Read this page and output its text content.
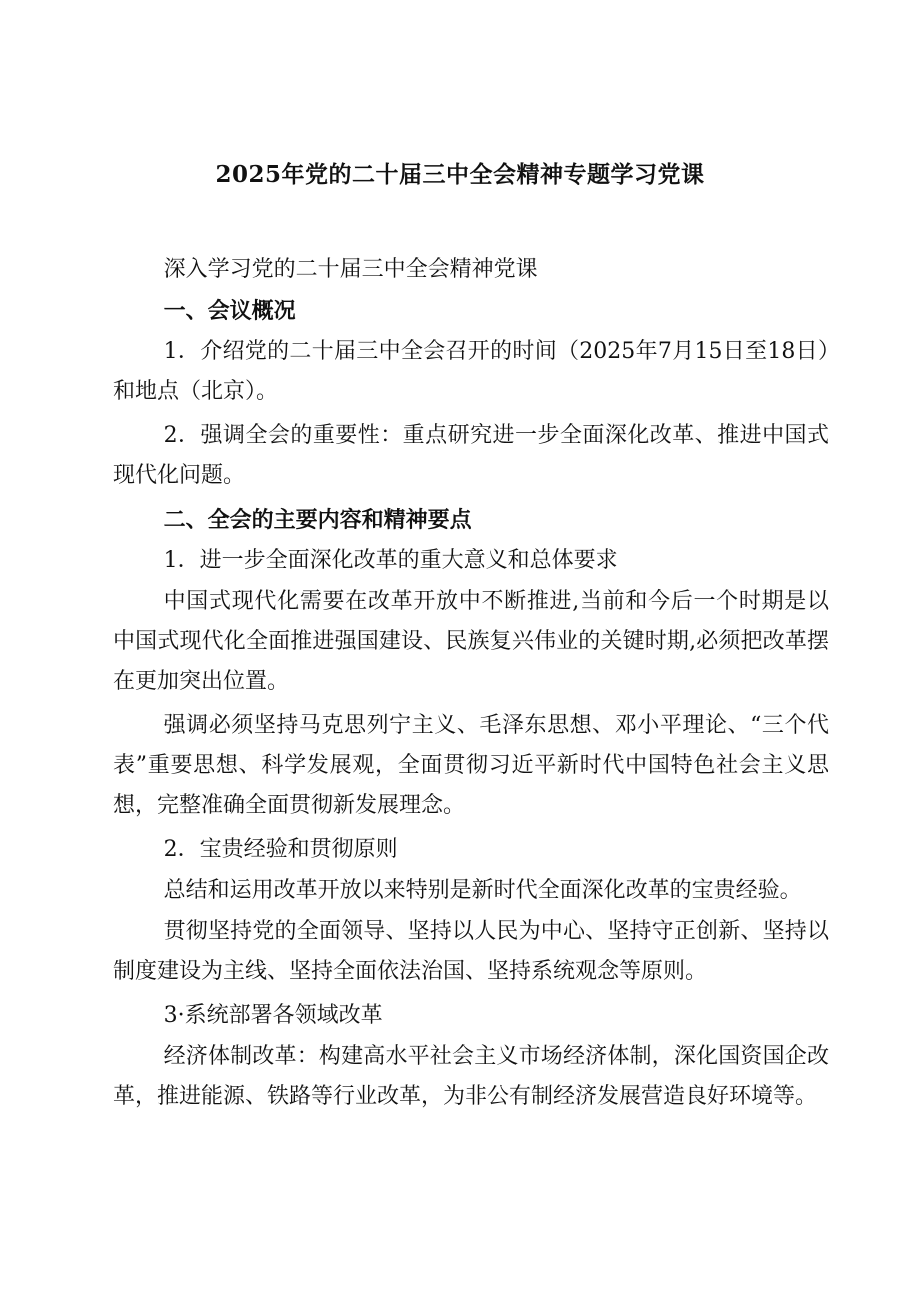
2025年党的二十届三中全会精神专题学习党课

深入学习党的二十届三中全会精神党课

一、会议概况

1．介绍党的二十届三中全会召开的时间（2025年7月15日至18日）和地点（北京）。

2．强调全会的重要性：重点研究进一步全面深化改革、推进中国式现代化问题。

二、全会的主要内容和精神要点

1．进一步全面深化改革的重大意义和总体要求

中国式现代化需要在改革开放中不断推进,当前和今后一个时期是以中国式现代化全面推进强国建设、民族复兴伟业的关键时期,必须把改革摆在更加突出位置。

强调必须坚持马克思列宁主义、毛泽东思想、邓小平理论、“三个代表”重要思想、科学发展观，全面贯彻习近平新时代中国特色社会主义思想，完整准确全面贯彻新发展理念。

2．宝贵经验和贯彻原则

总结和运用改革开放以来特别是新时代全面深化改革的宝贵经验。

贯彻坚持党的全面领导、坚持以人民为中心、坚持守正创新、坚持以制度建设为主线、坚持全面依法治国、坚持系统观念等原则。

3·系统部署各领域改革

经济体制改革：构建高水平社会主义市场经济体制，深化国资国企改革，推进能源、铁路等行业改革，为非公有制经济发展营造良好环境等。
